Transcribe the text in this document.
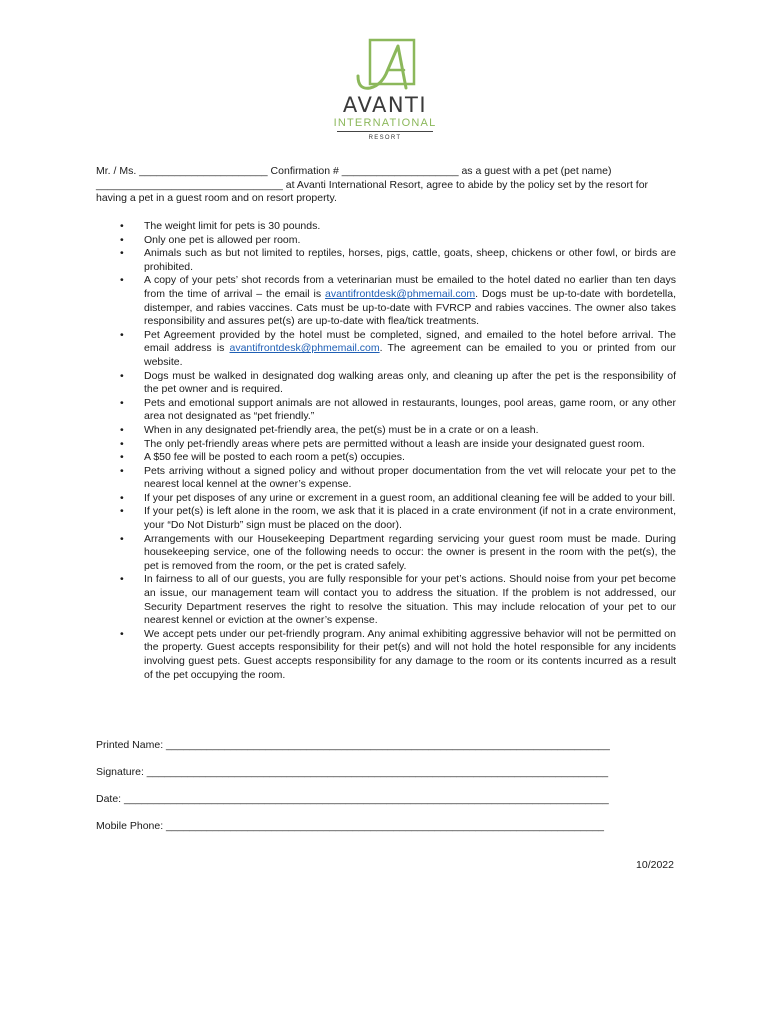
AVANTI
INTERNATIONAL
RESORT

Mr. / Ms. ______________________ Confirmation # ____________________ as a guest with a pet (pet name) ________________________________ at Avanti International Resort, agree to abide by the policy set by the resort for having a pet in a guest room and on resort property.

• The weight limit for pets is 30 pounds.
• Only one pet is allowed per room.
• Animals such as but not limited to reptiles, horses, pigs, cattle, goats, sheep, chickens or other fowl, or birds are prohibited.
• A copy of your pets’ shot records from a veterinarian must be emailed to the hotel dated no earlier than ten days from the time of arrival – the email is avantifrontdesk@phmemail.com. Dogs must be up-to-date with bordetella, distemper, and rabies vaccines. Cats must be up-to-date with FVRCP and rabies vaccines. The owner also takes responsibility and assures pet(s) are up-to-date with flea/tick treatments.
• Pet Agreement provided by the hotel must be completed, signed, and emailed to the hotel before arrival. The email address is avantifrontdesk@phmemail.com. The agreement can be emailed to you or printed from our website.
• Dogs must be walked in designated dog walking areas only, and cleaning up after the pet is the responsibility of the pet owner and is required.
• Pets and emotional support animals are not allowed in restaurants, lounges, pool areas, game room, or any other area not designated as “pet friendly.”
• When in any designated pet-friendly area, the pet(s) must be in a crate or on a leash.
• The only pet-friendly areas where pets are permitted without a leash are inside your designated guest room.
• A $50 fee will be posted to each room a pet(s) occupies.
• Pets arriving without a signed policy and without proper documentation from the vet will relocate your pet to the nearest local kennel at the owner’s expense.
• If your pet disposes of any urine or excrement in a guest room, an additional cleaning fee will be added to your bill.
• If your pet(s) is left alone in the room, we ask that it is placed in a crate environment (if not in a crate environment, your “Do Not Disturb” sign must be placed on the door).
• Arrangements with our Housekeeping Department regarding servicing your guest room must be made. During housekeeping service, one of the following needs to occur: the owner is present in the room with the pet(s), the pet is removed from the room, or the pet is crated safely.
• In fairness to all of our guests, you are fully responsible for your pet’s actions. Should noise from your pet become an issue, our management team will contact you to address the situation. If the problem is not addressed, our Security Department reserves the right to resolve the situation. This may include relocation of your pet to our nearest kennel or eviction at the owner’s expense.
• We accept pets under our pet-friendly program. Any animal exhibiting aggressive behavior will not be permitted on the property. Guest accepts responsibility for their pet(s) and will not hold the hotel responsible for any incidents involving guest pets. Guest accepts responsibility for any damage to the room or its contents incurred as a result of the pet occupying the room.
Printed Name: ____________________________________________________________________________
Signature: _______________________________________________________________________________
Date: ___________________________________________________________________________________
Mobile Phone: ___________________________________________________________________________
10/2022
